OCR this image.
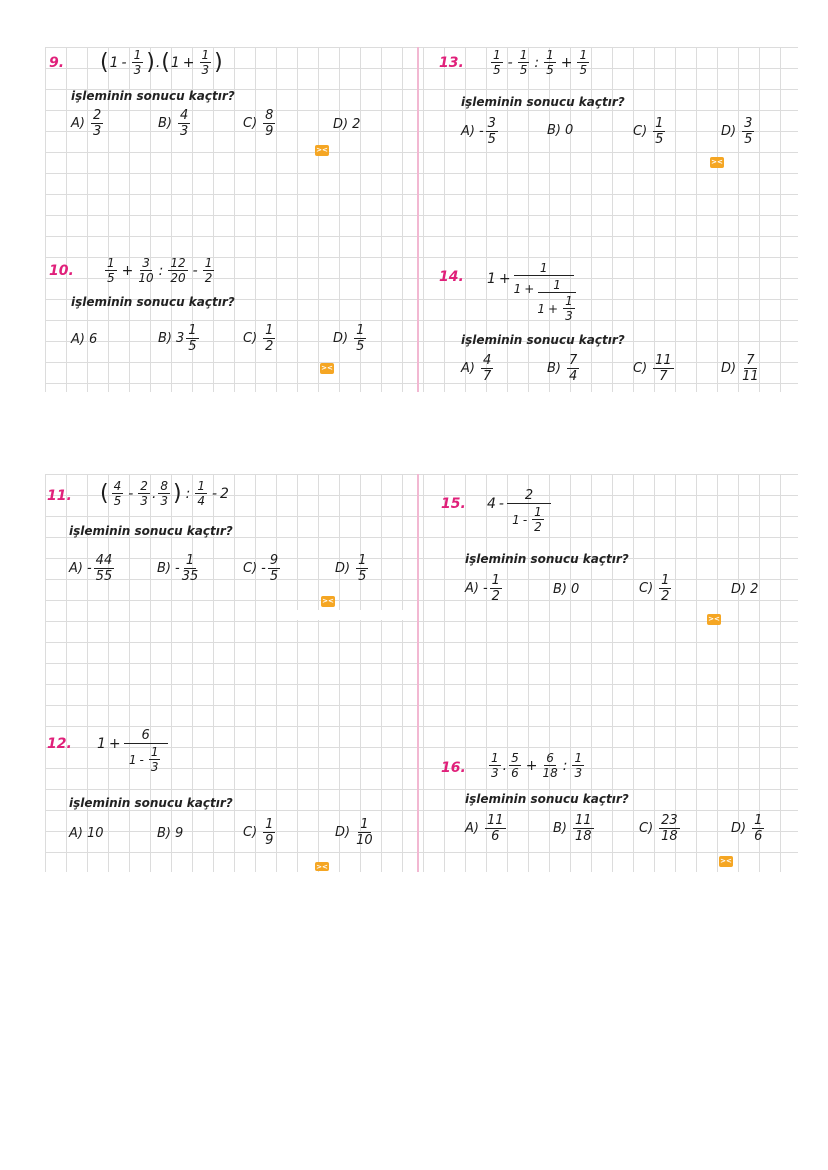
9. ( $1 - \frac{1}{3}$ ) . ( $1 + \frac{1}{3}$ )
işleminin sonucu kaçtır?
$A) \frac{2}{3}$	$B) \frac{4}{3}$	$C) \frac{8}{9}$	D) 2
><
10.	$\frac{1}{5} + \frac{3}{10}$ : $\frac{12}{20} - \frac{1}{2}$
işleminin sonucu kaçtır?
A) 6	B) $3 \frac{1}{5}$	$C) \frac{1}{2}$	$D) \frac{1}{5}$
><
13. $\frac{1}{5} - \frac{1}{5}$ : $\frac{1}{5} + \frac{1}{5}$
işleminin sonucu kaçtır?
$A) - \frac{3}{5}$	B) 0	$C) \frac{1}{5}$	$D) \frac{3}{5}$
><
14. 1 +
1
$1 + \frac{1}{1 + \frac{1}{3}}$
işleminin sonucu kaçtır?
$A) \frac{4}{7}$	$B) \frac{7}{4}$	$C) \frac{11}{7}$	$D) \frac{7}{11}$
11. ( $\frac{4}{5} - \frac{2}{3}$ . $\frac{8}{3}$ ) : $\frac{1}{4} - 2$
işleminin sonucu kaçtır?
$A) - \frac{44}{55}$	$B) - \frac{1}{35}$	$C) - \frac{9}{5}$	$D) \frac{1}{5}$
><
12. $1 + \frac{6}{1 - \frac{1}{3}}$
işleminin sonucu kaçtır?
A) 10	B) 9	$C) \frac{1}{9}$	$D) \frac{1}{10}$
><
15. 4 -
2
$1 - \frac{1}{2}$
işleminin sonucu kaçtır?
$A) - \frac{1}{2}$	B) 0	$C) \frac{1}{2}$	D) 2
><
16. $\frac{1}{3}$ . $\frac{5}{6} + \frac{6}{18}$ : $\frac{1}{3}$
işleminin sonucu kaçtır?
$A) \frac{11}{6}$	$B) \frac{11}{18}$	$C) \frac{23}{18}$	$D) \frac{1}{6}$
><
